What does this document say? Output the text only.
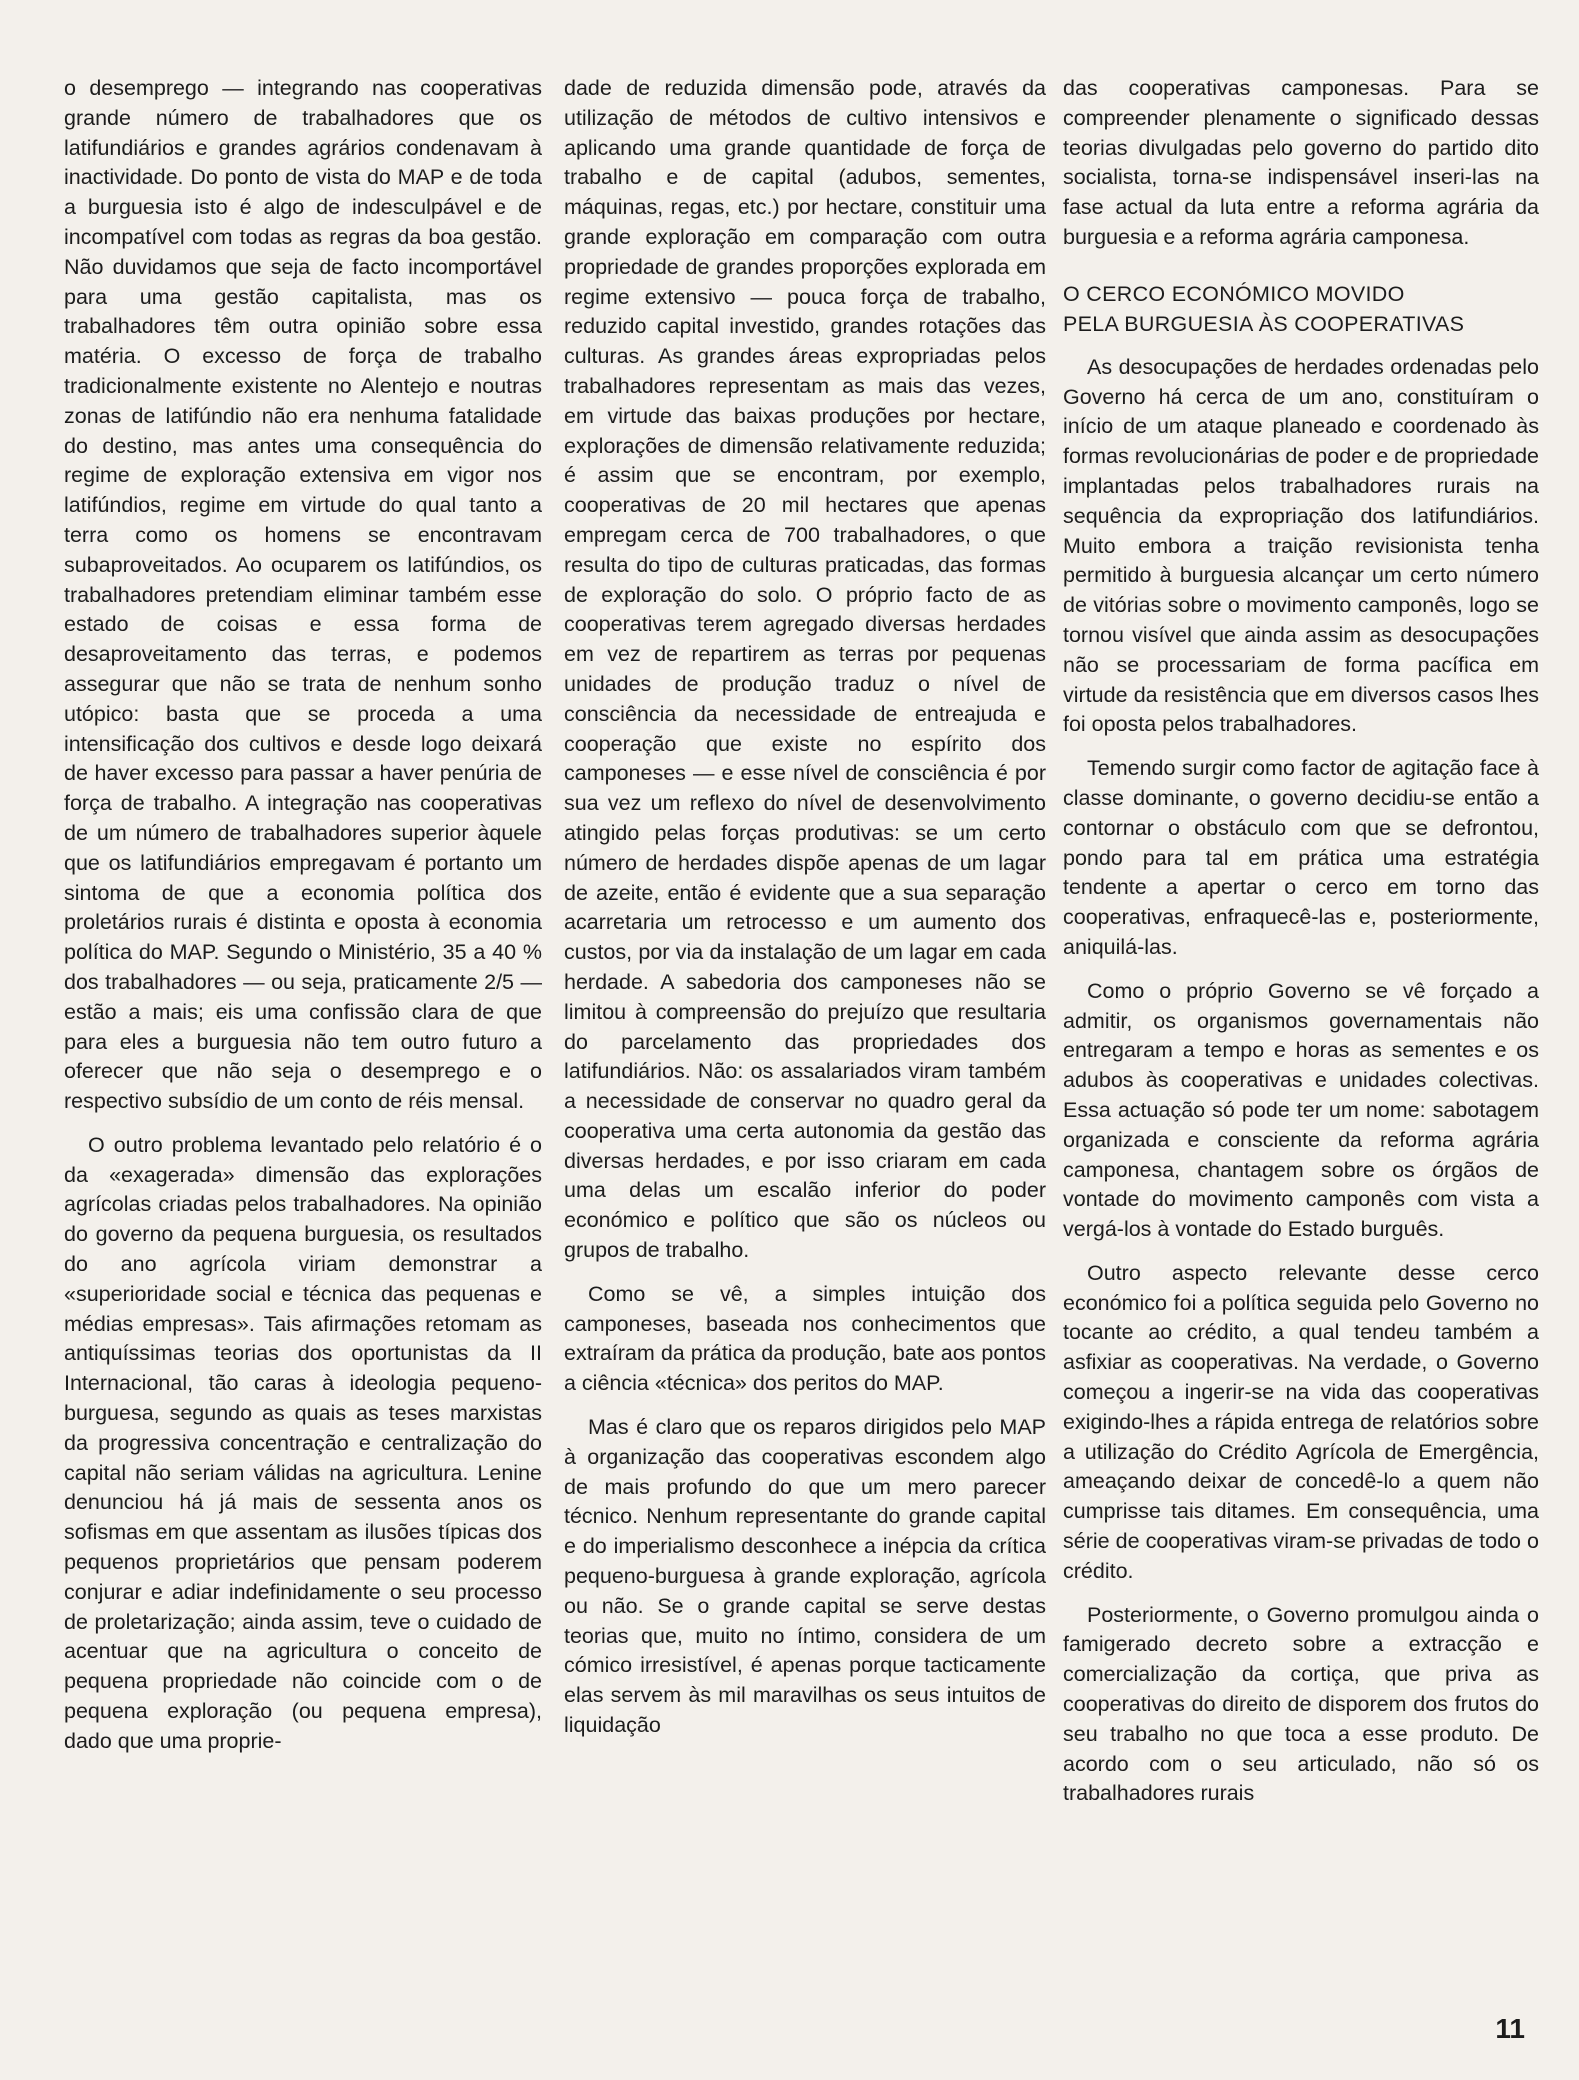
o desemprego — integrando nas cooperativas grande número de trabalhadores que os latifundiários e grandes agrários condenavam à inactividade. Do ponto de vista do MAP e de toda a burguesia isto é algo de indesculpável e de incompatível com todas as regras da boa gestão. Não duvidamos que seja de facto incomportável para uma gestão capitalista, mas os trabalhadores têm outra opinião sobre essa matéria. O excesso de força de trabalho tradicionalmente existente no Alentejo e noutras zonas de latifúndio não era nenhuma fatalidade do destino, mas antes uma consequência do regime de exploração extensiva em vigor nos latifúndios, regime em virtude do qual tanto a terra como os homens se encontravam subaproveitados. Ao ocuparem os latifúndios, os trabalhadores pretendiam eliminar também esse estado de coisas e essa forma de desaproveitamento das terras, e podemos assegurar que não se trata de nenhum sonho utópico: basta que se proceda a uma intensificação dos cultivos e desde logo deixará de haver excesso para passar a haver penúria de força de trabalho. A integração nas cooperativas de um número de trabalhadores superior àquele que os latifundiários empregavam é portanto um sintoma de que a economia política dos proletários rurais é distinta e oposta à economia política do MAP. Segundo o Ministério, 35 a 40 % dos trabalhadores — ou seja, praticamente 2/5 — estão a mais; eis uma confissão clara de que para eles a burguesia não tem outro futuro a oferecer que não seja o desemprego e o respectivo subsídio de um conto de réis mensal.

O outro problema levantado pelo relatório é o da «exagerada» dimensão das explorações agrícolas criadas pelos trabalhadores. Na opinião do governo da pequena burguesia, os resultados do ano agrícola viriam demonstrar a «superioridade social e técnica das pequenas e médias empresas». Tais afirmações retomam as antiquíssimas teorias dos oportunistas da II Internacional, tão caras à ideologia pequeno-burguesa, segundo as quais as teses marxistas da progressiva concentração e centralização do capital não seriam válidas na agricultura. Lenine denunciou há já mais de sessenta anos os sofismas em que assentam as ilusões típicas dos pequenos proprietários que pensam poderem conjurar e adiar indefinidamente o seu processo de proletarização; ainda assim, teve o cuidado de acentuar que na agricultura o conceito de pequena propriedade não coincide com o de pequena exploração (ou pequena empresa), dado que uma proprie-

dade de reduzida dimensão pode, através da utilização de métodos de cultivo intensivos e aplicando uma grande quantidade de força de trabalho e de capital (adubos, sementes, máquinas, regas, etc.) por hectare, constituir uma grande exploração em comparação com outra propriedade de grandes proporções explorada em regime extensivo — pouca força de trabalho, reduzido capital investido, grandes rotações das culturas. As grandes áreas expropriadas pelos trabalhadores representam as mais das vezes, em virtude das baixas produções por hectare, explorações de dimensão relativamente reduzida; é assim que se encontram, por exemplo, cooperativas de 20 mil hectares que apenas empregam cerca de 700 trabalhadores, o que resulta do tipo de culturas praticadas, das formas de exploração do solo. O próprio facto de as cooperativas terem agregado diversas herdades em vez de repartirem as terras por pequenas unidades de produção traduz o nível de consciência da necessidade de entreajuda e cooperação que existe no espírito dos camponeses — e esse nível de consciência é por sua vez um reflexo do nível de desenvolvimento atingido pelas forças produtivas: se um certo número de herdades dispõe apenas de um lagar de azeite, então é evidente que a sua separação acarretaria um retrocesso e um aumento dos custos, por via da instalação de um lagar em cada herdade. A sabedoria dos camponeses não se limitou à compreensão do prejuízo que resultaria do parcelamento das propriedades dos latifundiários. Não: os assalariados viram também a necessidade de conservar no quadro geral da cooperativa uma certa autonomia da gestão das diversas herdades, e por isso criaram em cada uma delas um escalão inferior do poder económico e político que são os núcleos ou grupos de trabalho.

Como se vê, a simples intuição dos camponeses, baseada nos conhecimentos que extraíram da prática da produção, bate aos pontos a ciência «técnica» dos peritos do MAP.

Mas é claro que os reparos dirigidos pelo MAP à organização das cooperativas escondem algo de mais profundo do que um mero parecer técnico. Nenhum representante do grande capital e do imperialismo desconhece a inépcia da crítica pequeno-burguesa à grande exploração, agrícola ou não. Se o grande capital se serve destas teorias que, muito no íntimo, considera de um cómico irresistível, é apenas porque tacticamente elas servem às mil maravilhas os seus intuitos de liquidação

das cooperativas camponesas. Para se compreender plenamente o significado dessas teorias divulgadas pelo governo do partido dito socialista, torna-se indispensável inseri-las na fase actual da luta entre a reforma agrária da burguesia e a reforma agrária camponesa.

O CERCO ECONÓMICO MOVIDO
PELA BURGUESIA ÀS COOPERATIVAS

As desocupações de herdades ordenadas pelo Governo há cerca de um ano, constituíram o início de um ataque planeado e coordenado às formas revolucionárias de poder e de propriedade implantadas pelos trabalhadores rurais na sequência da expropriação dos latifundiários. Muito embora a traição revisionista tenha permitido à burguesia alcançar um certo número de vitórias sobre o movimento camponês, logo se tornou visível que ainda assim as desocupações não se processariam de forma pacífica em virtude da resistência que em diversos casos lhes foi oposta pelos trabalhadores.

Temendo surgir como factor de agitação face à classe dominante, o governo decidiu-se então a contornar o obstáculo com que se defrontou, pondo para tal em prática uma estratégia tendente a apertar o cerco em torno das cooperativas, enfraquecê-las e, posteriormente, aniquilá-las.

Como o próprio Governo se vê forçado a admitir, os organismos governamentais não entregaram a tempo e horas as sementes e os adubos às cooperativas e unidades colectivas. Essa actuação só pode ter um nome: sabotagem organizada e consciente da reforma agrária camponesa, chantagem sobre os órgãos de vontade do movimento camponês com vista a vergá-los à vontade do Estado burguês.

Outro aspecto relevante desse cerco económico foi a política seguida pelo Governo no tocante ao crédito, a qual tendeu também a asfixiar as cooperativas. Na verdade, o Governo começou a ingerir-se na vida das cooperativas exigindo-lhes a rápida entrega de relatórios sobre a utilização do Crédito Agrícola de Emergência, ameaçando deixar de concedê-lo a quem não cumprisse tais ditames. Em consequência, uma série de cooperativas viram-se privadas de todo o crédito.

Posteriormente, o Governo promulgou ainda o famigerado decreto sobre a extracção e comercialização da cortiça, que priva as cooperativas do direito de disporem dos frutos do seu trabalho no que toca a esse produto. De acordo com o seu articulado, não só os trabalhadores rurais

11
